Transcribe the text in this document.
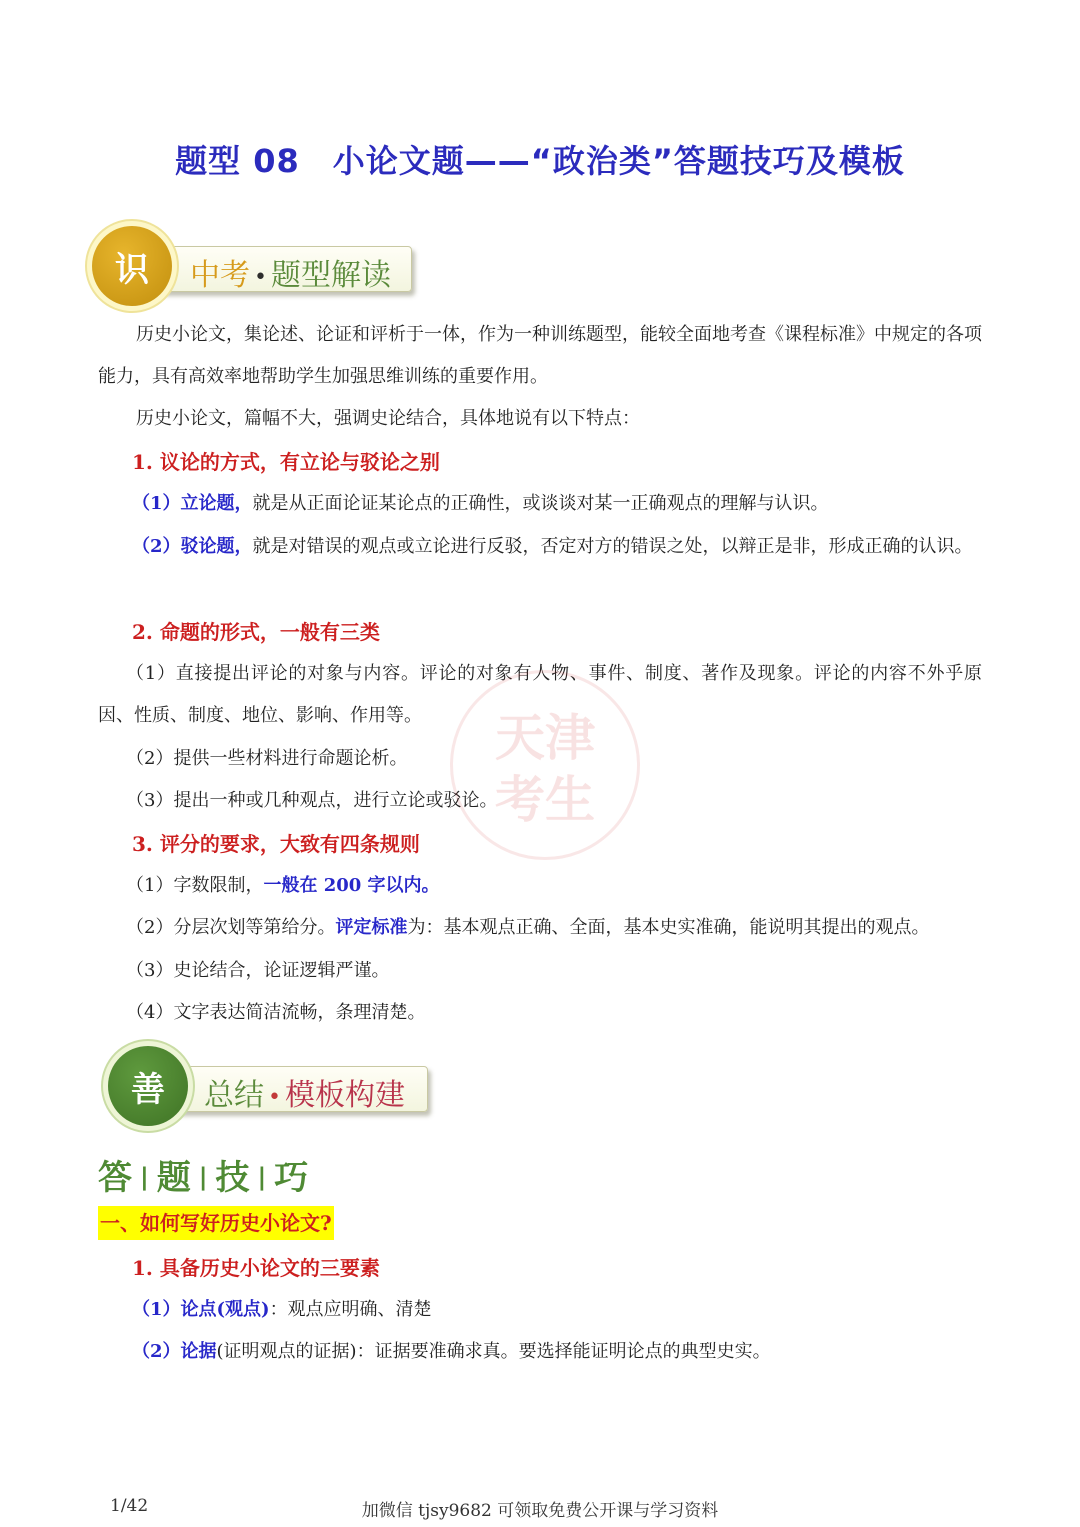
题型 08　小论文题——“政治类”答题技巧及模板
识 中考 • 题型解读
历史小论文，集论述、论证和评析于一体，作为一种训练题型，能较全面地考查《课程标准》中规定的各项能力，具有高效率地帮助学生加强思维训练的重要作用。
历史小论文，篇幅不大，强调史论结合，具体地说有以下特点：
1. 议论的方式，有立论与驳论之别
（1）立论题，就是从正面论证某论点的正确性，或谈谈对某一正确观点的理解与认识。
（2）驳论题，就是对错误的观点或立论进行反驳，否定对方的错误之处，以辩正是非，形成正确的认识。
2. 命题的形式，一般有三类
（1）直接提出评论的对象与内容。评论的对象有人物、事件、制度、著作及现象。评论的内容不外乎原因、性质、制度、地位、影响、作用等。
（2）提供一些材料进行命题论析。
（3）提出一种或几种观点，进行立论或驳论。
天津
考生
3. 评分的要求，大致有四条规则
（1）字数限制，一般在 200 字以内。
（2）分层次划等第给分。评定标准为：基本观点正确、全面，基本史实准确，能说明其提出的观点。
（3）史论结合，论证逻辑严谨。
（4）文字表达简洁流畅，条理清楚。
善 总结 • 模板构建
答 | 题 | 技 | 巧
一、如何写好历史小论文?
1. 具备历史小论文的三要素
（1）论点(观点)：观点应明确、清楚
（2）论据(证明观点的证据)：证据要准确求真。要选择能证明论点的典型史实。
加微信 tjsy9682 可领取免费公开课与学习资料
1/42
